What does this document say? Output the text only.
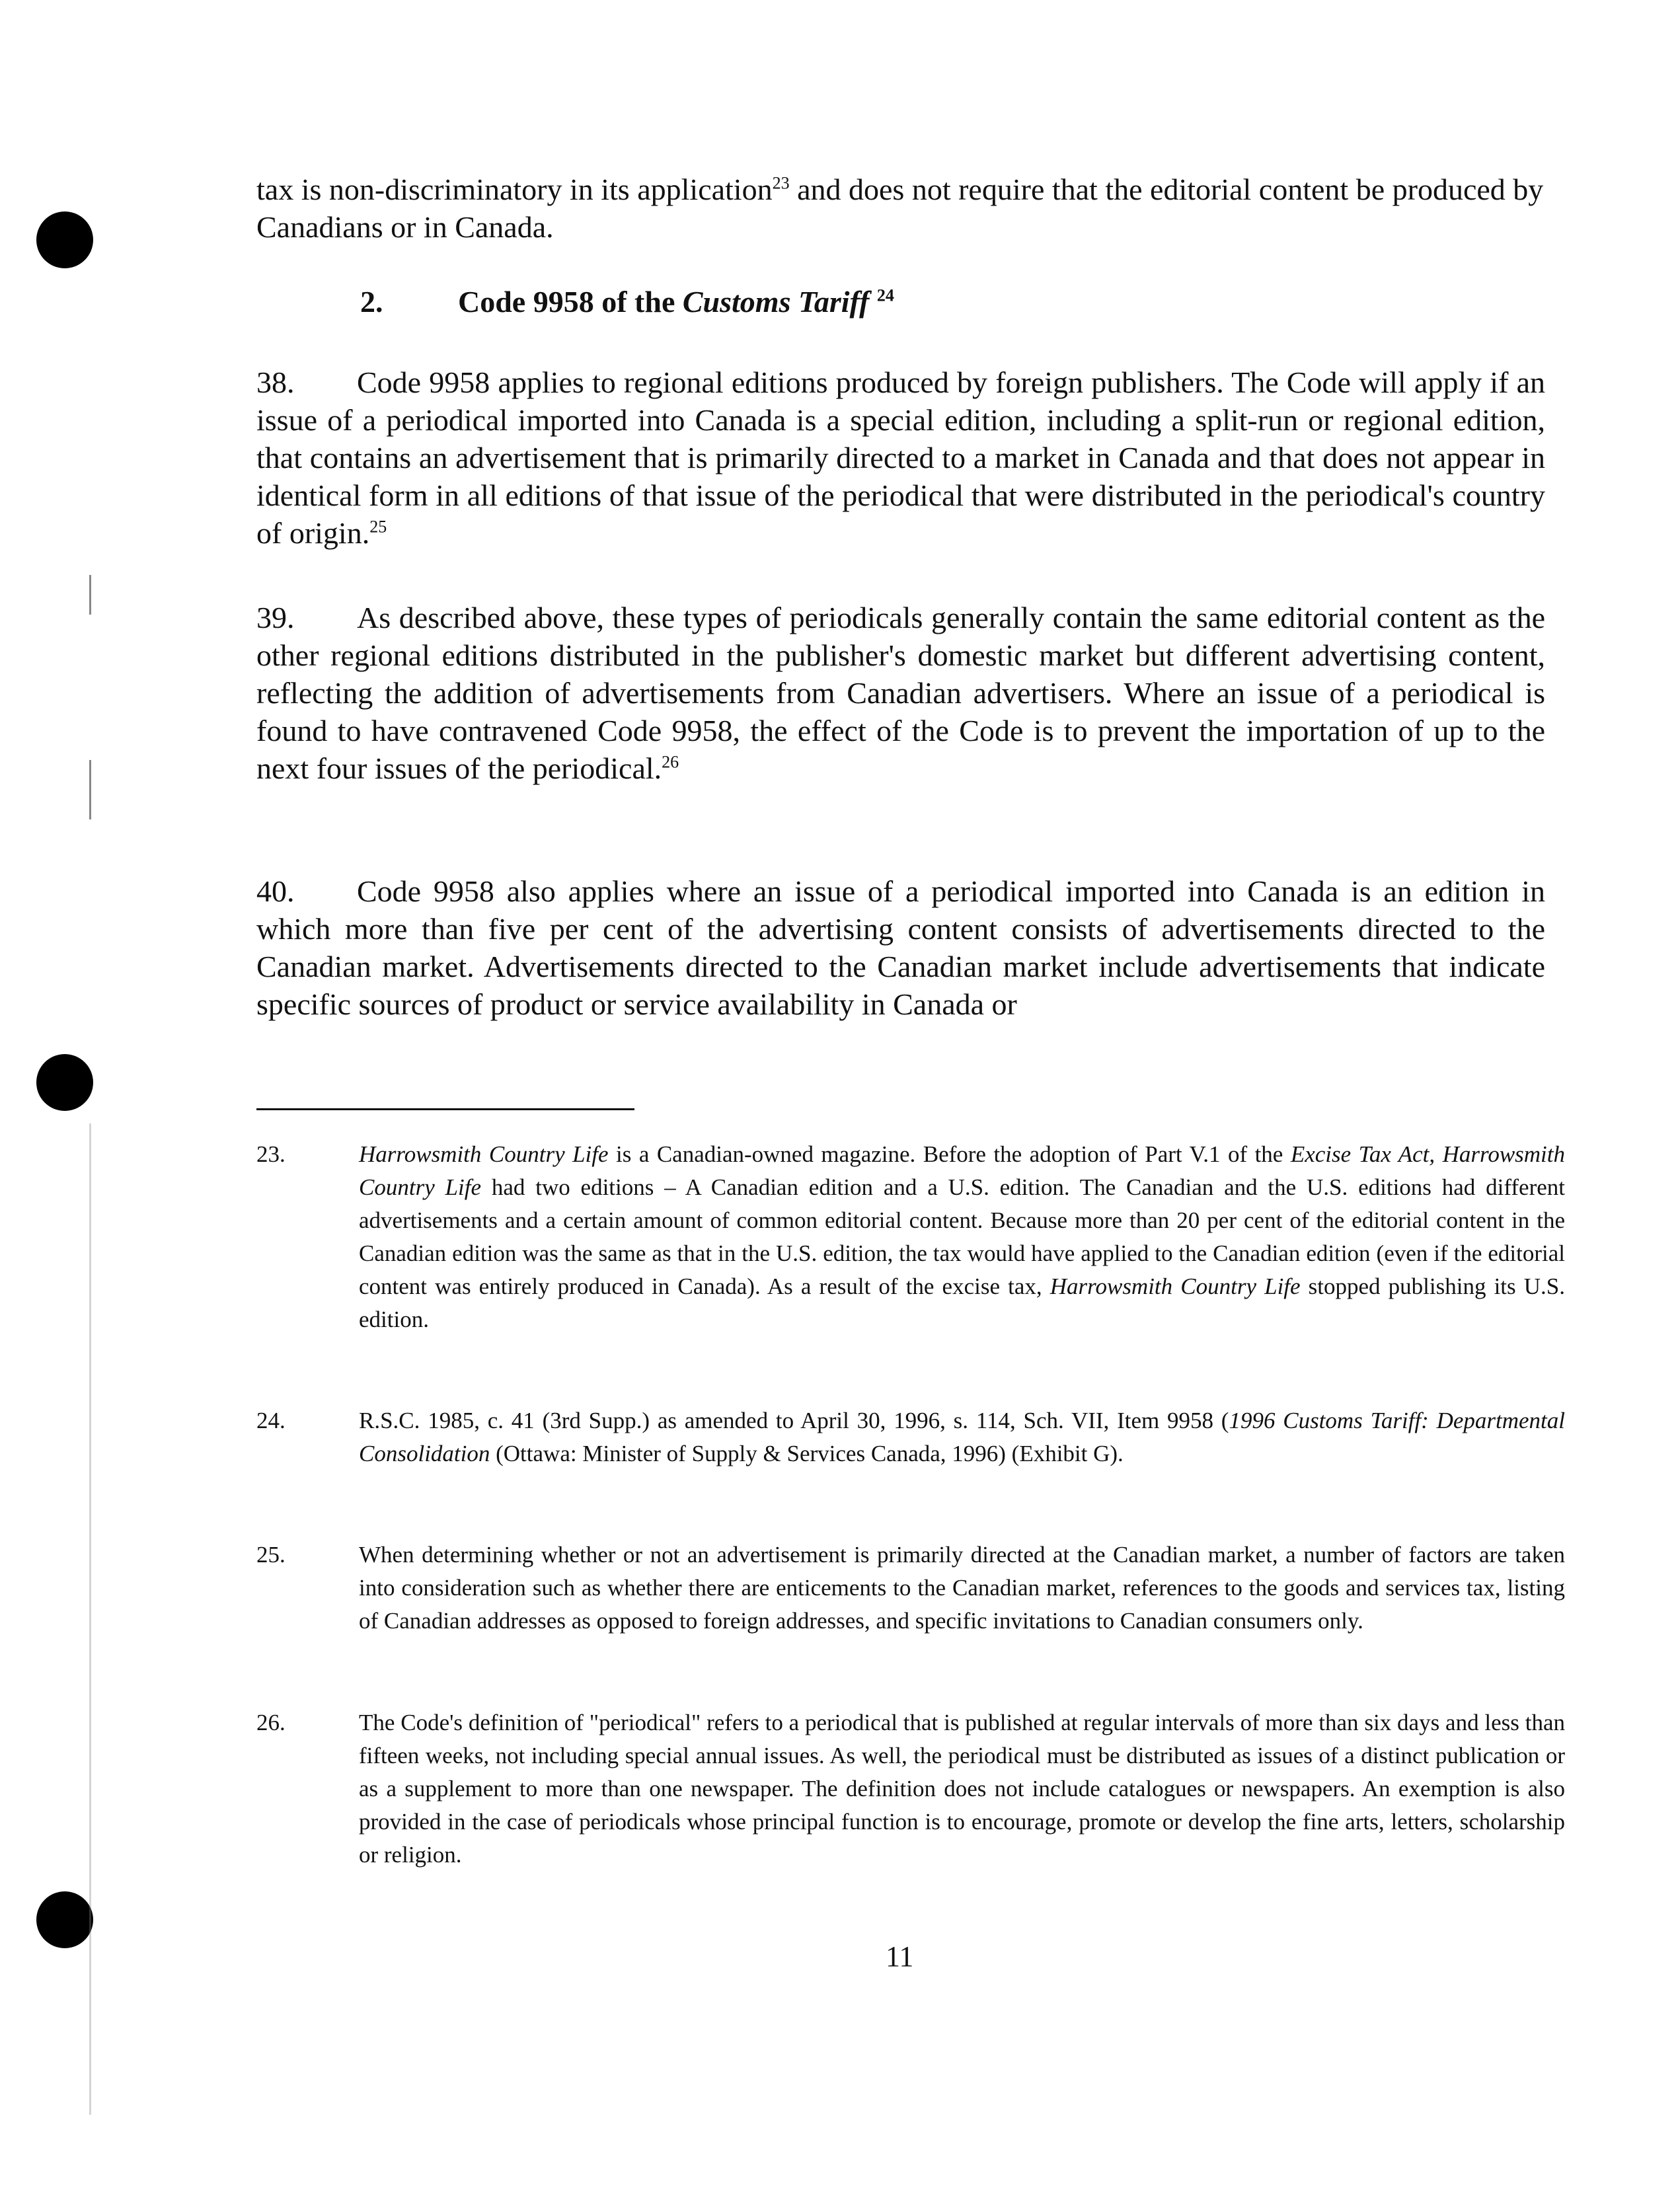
tax is non-discriminatory in its application$^{23}$ and does not require that the editorial content be produced by Canadians or in Canada.
2. Code 9958 of the Customs Tariff $^{24}$
38. Code 9958 applies to regional editions produced by foreign publishers. The Code will apply if an issue of a periodical imported into Canada is a special edition, including a split-run or regional edition, that contains an advertisement that is primarily directed to a market in Canada and that does not appear in identical form in all editions of that issue of the periodical that were distributed in the periodical's country of origin.$^{25}$
39. As described above, these types of periodicals generally contain the same editorial content as the other regional editions distributed in the publisher's domestic market but different advertising content, reflecting the addition of advertisements from Canadian advertisers. Where an issue of a periodical is found to have contravened Code 9958, the effect of the Code is to prevent the importation of up to the next four issues of the periodical.$^{26}$
40. Code 9958 also applies where an issue of a periodical imported into Canada is an edition in which more than five per cent of the advertising content consists of advertisements directed to the Canadian market. Advertisements directed to the Canadian market include advertisements that indicate specific sources of product or service availability in Canada or
23.	Harrowsmith Country Life is a Canadian-owned magazine. Before the adoption of Part V.1 of the Excise Tax Act, Harrowsmith Country Life had two editions – A Canadian edition and a U.S. edition. The Canadian and the U.S. editions had different advertisements and a certain amount of common editorial content. Because more than 20 per cent of the editorial content in the Canadian edition was the same as that in the U.S. edition, the tax would have applied to the Canadian edition (even if the editorial content was entirely produced in Canada). As a result of the excise tax, Harrowsmith Country Life stopped publishing its U.S. edition.
24.	R.S.C. 1985, c. 41 (3rd Supp.) as amended to April 30, 1996, s. 114, Sch. VII, Item 9958 (1996 Customs Tariff: Departmental Consolidation (Ottawa: Minister of Supply & Services Canada, 1996) (Exhibit G).
25.	When determining whether or not an advertisement is primarily directed at the Canadian market, a number of factors are taken into consideration such as whether there are enticements to the Canadian market, references to the goods and services tax, listing of Canadian addresses as opposed to foreign addresses, and specific invitations to Canadian consumers only.
26.	The Code's definition of "periodical" refers to a periodical that is published at regular intervals of more than six days and less than fifteen weeks, not including special annual issues. As well, the periodical must be distributed as issues of a distinct publication or as a supplement to more than one newspaper. The definition does not include catalogues or newspapers. An exemption is also provided in the case of periodicals whose principal function is to encourage, promote or develop the fine arts, letters, scholarship or religion.
11
